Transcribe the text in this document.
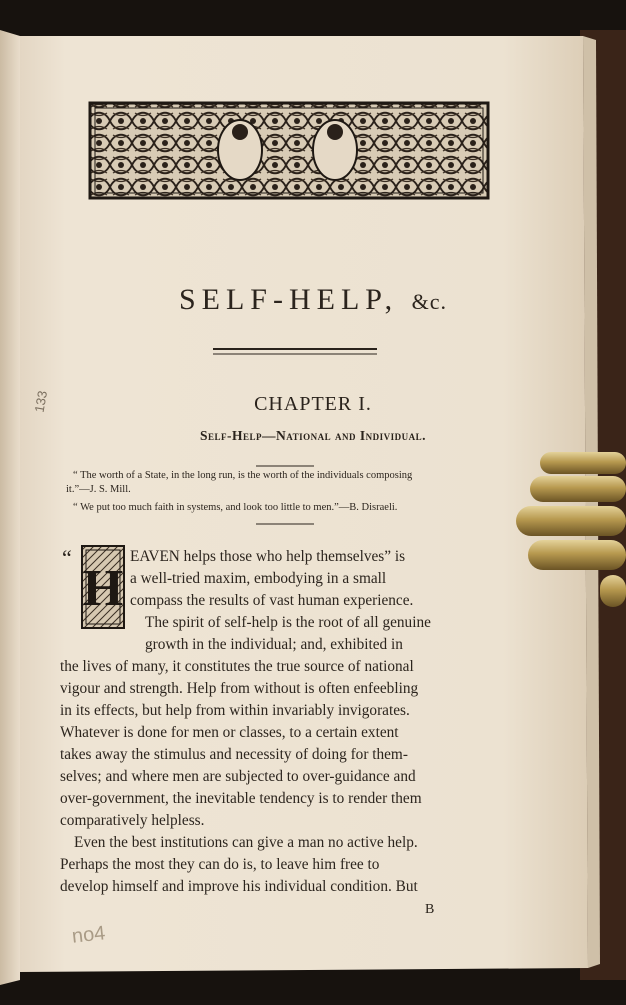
H
SELF-HELP, &c.
CHAPTER I.
Self-Help—National and Individual.
“ The worth of a State, in the long run, is the worth of the individuals composing
it.”—J. S. Mill.
“ We put too much faith in systems, and look too little to men.”—B. Disraeli.
“	EAVEN helps those who help themselves” is
a well-tried maxim, embodying in a small
compass the results of vast human experience.
The spirit of self-help is the root of all genuine
growth in the individual; and, exhibited in
the lives of many, it constitutes the true source of national
vigour and strength. Help from without is often enfeebling
in its effects, but help from within invariably invigorates.
Whatever is done for men or classes, to a certain extent
takes away the stimulus and necessity of doing for them-
selves; and where men are subjected to over-guidance and
over-government, the inevitable tendency is to render them
comparatively helpless.
Even the best institutions can give a man no active help.
Perhaps the most they can do is, to leave him free to
develop himself and improve his individual condition. But
B
133
no4
